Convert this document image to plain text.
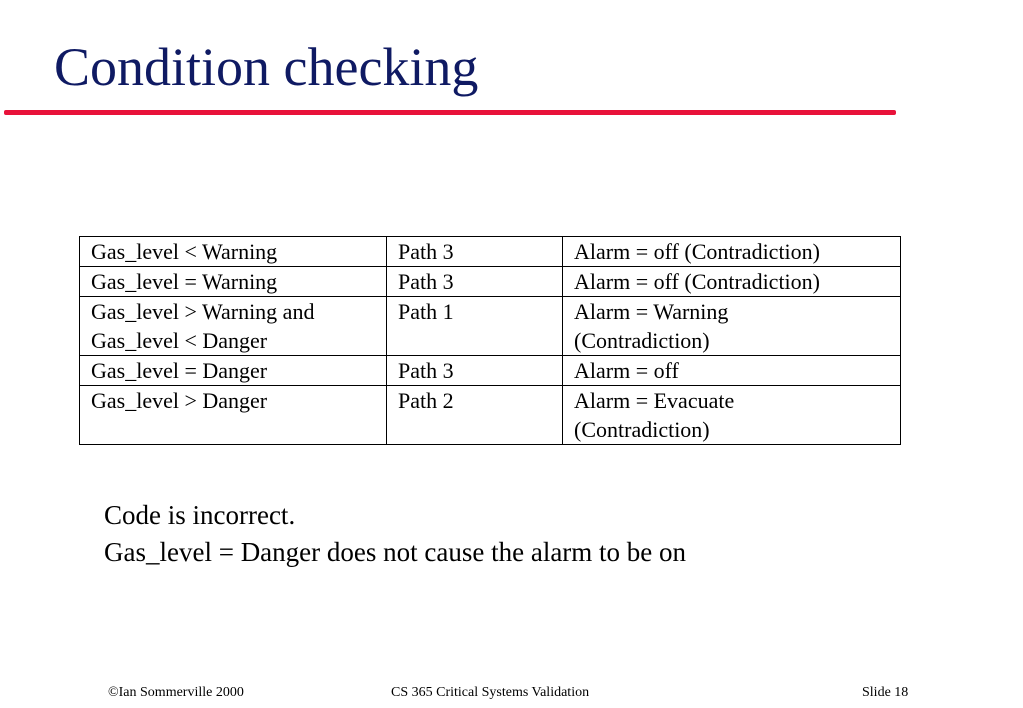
Condition checking
Gas_level < Warning	Path 3	Alarm = off (Contradiction)

Gas_level = Warning	Path 3	Alarm = off (Contradiction)

Gas_level > Warning and
Gas_level < Danger	Path 1	Alarm = Warning
(Contradiction)

Gas_level = Danger	Path 3	Alarm = off

Gas_level > Danger	Path 2	Alarm = Evacuate
(Contradiction)
Code is incorrect.
Gas_level = Danger does not cause the alarm to be on
©Ian Sommerville 2000	CS 365 Critical Systems Validation	Slide 18
